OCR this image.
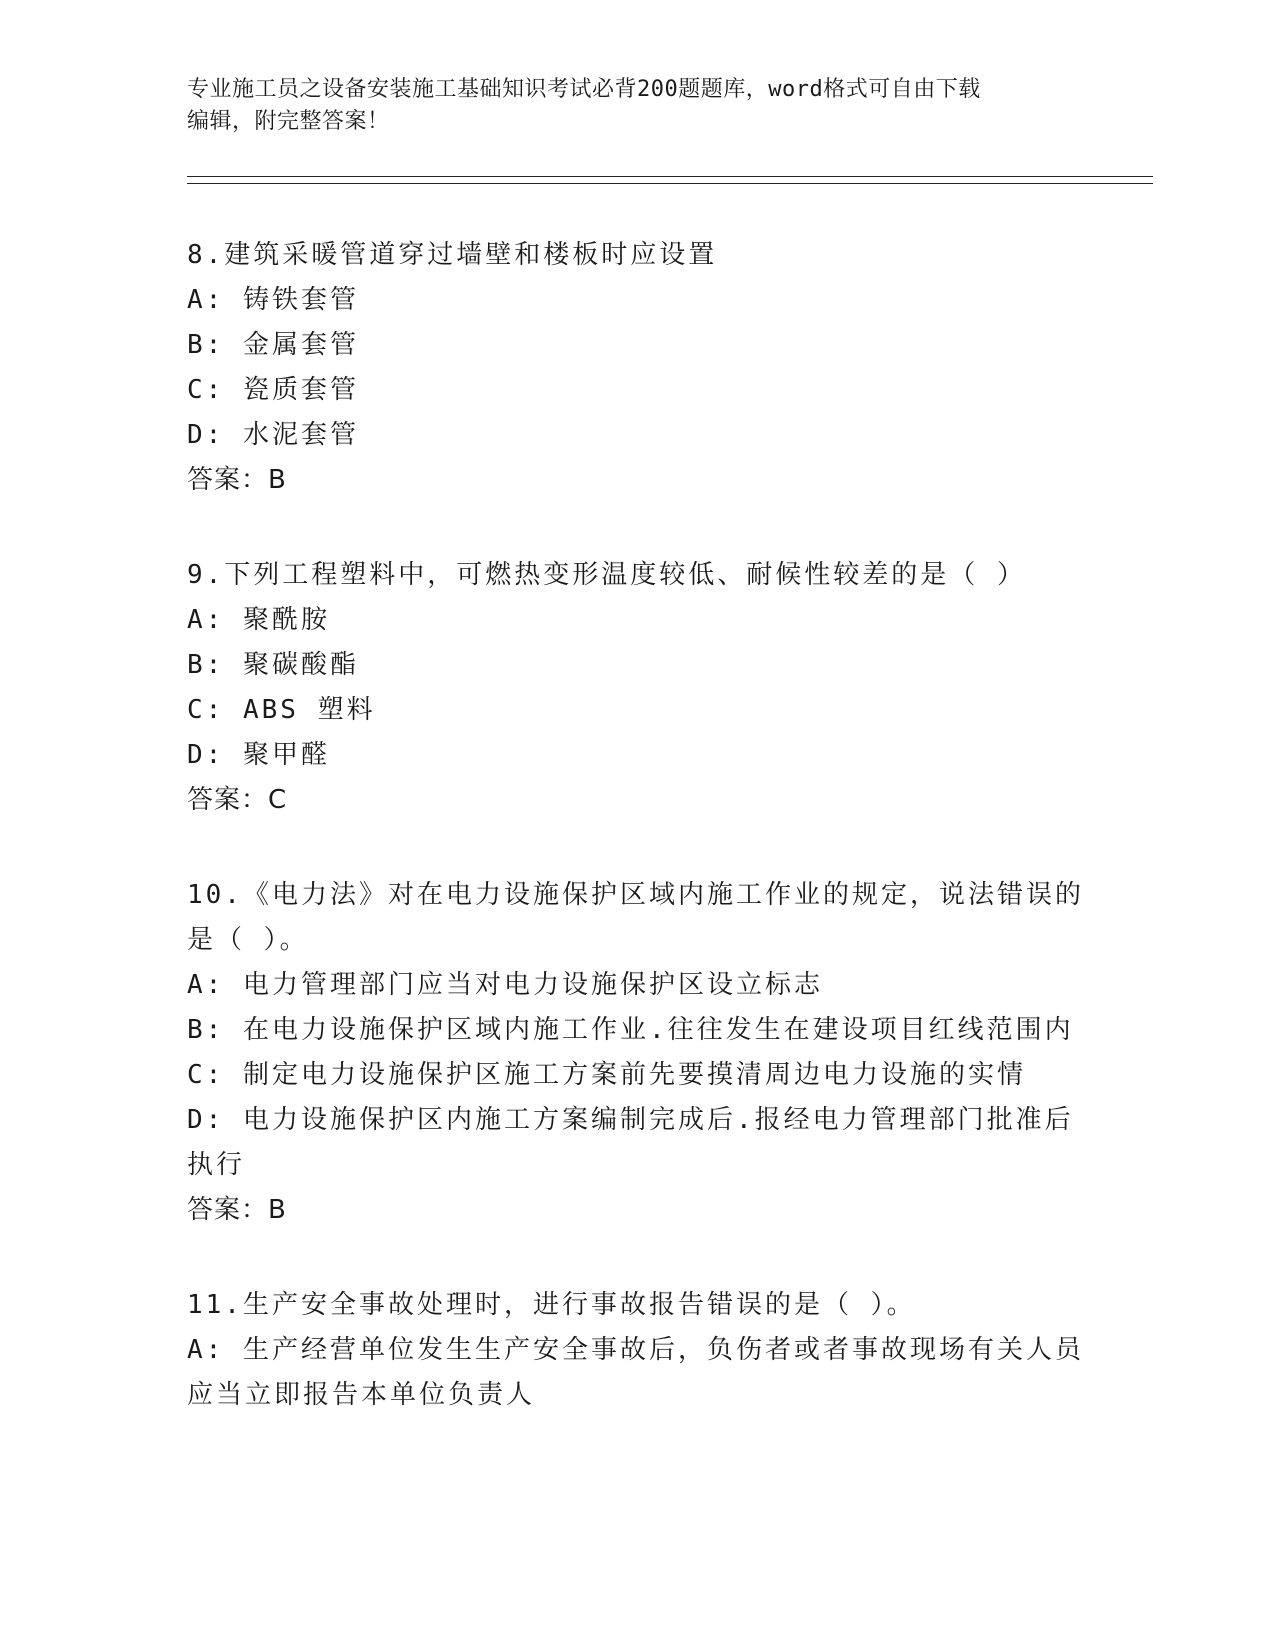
专业施工员之设备安装施工基础知识考试必背200题题库，word格式可自由下载
编辑，附完整答案！
8.建筑采暖管道穿过墙壁和楼板时应设置
A: 铸铁套管
B: 金属套管
C: 瓷质套管
D: 水泥套管
答案：B
9.下列工程塑料中，可燃热变形温度较低、耐候性较差的是（ ）
A: 聚酰胺
B: 聚碳酸酯
C: ABS 塑料
D: 聚甲醛
答案：C
10.《电力法》对在电力设施保护区域内施工作业的规定，说法错误的
是（ ）。
A: 电力管理部门应当对电力设施保护区设立标志
B: 在电力设施保护区域内施工作业.往往发生在建设项目红线范围内
C: 制定电力设施保护区施工方案前先要摸清周边电力设施的实情
D: 电力设施保护区内施工方案编制完成后.报经电力管理部门批准后
执行
答案：B
11.生产安全事故处理时，进行事故报告错误的是（ ）。
A: 生产经营单位发生生产安全事故后，负伤者或者事故现场有关人员
应当立即报告本单位负责人
